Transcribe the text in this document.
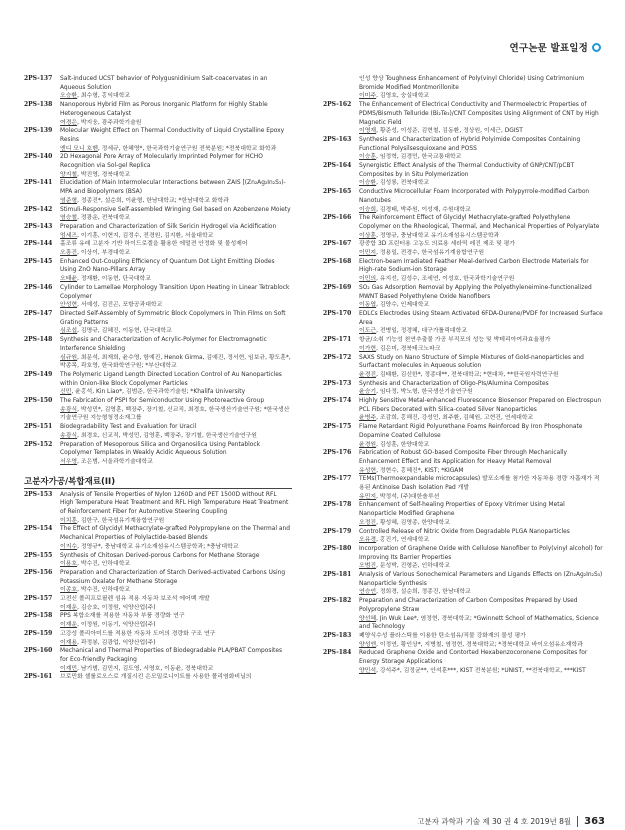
연구논문 발표일정
2PS-137	Salt-induced UCST behavior of Polygusnidinium Salt-coacervates in an Aqueous Solution
오승환, 최수형, 홍익대학교
2PS-138	Nanoporous Hybrid Film as Porous Inorganic Platform for Highly Stable Heterogeneous Catalyst
여경은, 박지웅, 광주과학기술원
2PS-139	Molecular Weight Effect on Thermal Conductivity of Liquid Crystalline Epoxy Resins
엔디 모니 호벤, 정세규, 한혜영*, 한국과학기술연구원 전북분원; *전북대학교 화학과
2PS-140	2D Hexagonal Pore Array of Molecularly Imprinted Polymer for HCHO Recognition via Sol-gel Replica
양지철, 박진영, 경북대학교
2PS-141	Elucidation of Main Intermolecular Interactions between ZAIS [(Zn₂Ag₂In₂S₃)-MPA and Biopolymers (BSA)
염준형, 정종진*, 설순희, 이윤형, 한남대학교; *한남대학교 화학과
2PS-142	Stimuli-Responsive Self-assembled Wringing Gel based on Azobenzene Moiety
염승철, 정광운, 전북대학교
2PS-143	Preparation and Characterization of Silk Sericin Hydrogel via Acidification
엄세즈, 이기훈, 이현지, 김정수, 전경원, 김지환, 서울대학교
2PS-144	홀조류 유래 고분자 기반 하이드로겔을 활용한 에멀젼 안정화 및 물성제어
오흥진, 이상이, 부경대학교
2PS-145	Enhanced Out-Coupling Efficiency of Quantum Dot Light Emitting Diodes Using ZnO Nano-Pillars Array
오태윤, 정재환, 이동현, 단국대학교
2PS-146	Cylinder to Lamellae Morphology Transition Upon Heating in Linear Tetrablock Copolymer
안성현, 서예성, 김진곤, 포항공과대학교
2PS-147	Directed Self-Assembly of Symmetric Block Copolymers in Thin Films on Soft Grating Patterns
심조섭, 김명규, 김혜진, 이동현, 단국대학교
2PS-148	Synthesis and Characterization of Acrylic-Polymer for Electromagnetic Interference Shielding
심규원, 최문석, 최재희, 윤수영, 함예진, Henok Girma, 김예진, 정서현, 임보규, 황도훈*, 박종목, 곽호영, 한국화학연구원; *부산대학교
2PS-149	The Polymeric Ligand Length Directed Location Control of Au Nanoparticles within Onion-like Block Copolymer Particles
신민, 윤홍석, Kin Liao*, 김범준, 한국과학기술원; *Khalifa University
2PS-150	The Fabrication of PSPI for Semiconductor Using Photoreactive Group
송광식, 박성민*, 김영훈, 백장주, 장기철, 신교직, 최경호, 한국생산기술연구원; *한국생산기술연구원 지능형청정소재그룹
2PS-151	Biodegradability Test and Evaluation for Uracil
송광식, 최경호, 신교직, 박성민, 김영훈, 백장주, 장기철, 한국생산기술연구원
2PS-152	Preparation of Mesoporous Silica and Organosilica Using Pentablock Copolymer Templates in Weakly Acidic Aqueous Solution
서우영, 조은범, 서울과학기술대학교
고분자가공/복합재료(II)
2PS-153	Analysis of Tensile Properties of Nylon 1260D and PET 1500D without RFL High Temperature Heat Treatment and RFL High Temperature Heat Treatment of Reinforcement Fiber for Automotive Steering Coupling
이치훈, 김한구, 한국섬유기계융합연구원
2PS-154	The Effect of Glycidyl Methacrylate-grafted Polypropylene on the Thermal and Mechanical Properties of Polylactide-based Blends
이지수, 정영규*, 충남대학교 유기소재섬유시스템공학과; *충남대학교
2PS-155	Synthesis of Chitosan Derived-porous Carbons for Methane Storage
이용호, 박수진, 인하대학교
2PS-156	Preparation and Characterization of Starch Derived-activated Carbons Using Potassium Oxalate for Methane Storage
이종호, 박수진, 인하대학교
2PS-157	고전신 폴리프로필렌 섬유 적용 자동차 보조석 에어백 개발
이재운, 김승호, 이정원, 익양산업(주)
2PS-158	PPS 복합소재를 적용한 자동차 부품 경량화 연구
이재운, 이정원, 이동기, 익양산업(주)
2PS-159	고강성 폴리아미드를 적용한 자동차 도어의 경량화 구조 연구
이재용, 곽정봉, 김광업, 익양산업(주)
2PS-160	Mechanical and Thermal Properties of Biodegradable PLA/PBAT Composites for Eco-friendly Packaging
이재민, 남기범, 김민지, 김도영, 서영호, 이동윤, 경북대학교
2PS-161	브로민화 셀룰로오스로 개질시킨 은모밀로니이트를 사용한 폴리염화비닐의
인성 향상 Toughness Enhancement of Poly(vinyl Chloride) Using Cetrimonium Bromide Modified Montmorillonite
이미주, 김영호, 숭실대학교
2PS-162	The Enhancement of Electrical Conductivity and Thermoelectric Properties of PDMS/Bismuth Telluride (Bi₂Te₃)/CNT Composites Using Alignment of CNT by High Magnetic Field
이영재, 황준성, 이성준, 김현철, 김동환, 정상원, 이세근, DGIST
2PS-163	Synthesis and Characterization of Hybrid Polyimide Composites Containing Functional Polysilsesquioxane and POSS
이승훈, 임정혁, 김경민, 한국교통대학교
2PS-164	Synergistic Effect Analysis of the Thermal Conductivity of GNP/CNT/pCBT Composites by in Situ Polymerization
이승환, 김성룡, 전북대학교
2PS-165	Conductive Microcellular Foam Incorporated with Polypyrrole-modified Carbon Nanotubes
이승희, 김경태, 박주원, 이성재, 수원대학교
2PS-166	The Reinforcement Effect of Glycidyl Methacrylate-grafted Polyethylene Copolymer on the Rheological, Thermal, and Mechanical Properties of Polyarylate
이상훈, 정영규, 충남대학교 유기소재섬유시스템공학과
2PS-167	광중합 3D 프린터용 고농도 의료용 세라믹 레진 제조 및 평가
이민지, 정용일, 전경수, 한국섬유기계융합연구원
2PS-168	Electron-beam Irradiated Feather Meal-derived Carbon Electrode Materials for High-rate Sodium-ion Storage
이민의, 유지선, 김성수, 조세연, 이성호, 한국과학기술연구원
2PS-169	SO₂ Gas Adsorption Removal by Applying the Polyethyleneimine-functionalized MWNT Based Polyethylene Oxide Nanofibers
이동엽, 김양수, 인제대학교
2PS-170	EDLCs Electrodes Using Steam Activated 6FDA-Durene/PVDF for Increased Surface Area
이도근, 전병일, 정경혜, 대구가톨릭대학교
2PS-171	항균/소취 기능성 천연추출물 가공 부직포의 성능 및 박테리아여과효율평가
이가현, 김은미, 경북테크노파크
2PS-172	SAXS Study on Nano Structure of Simple Mixtures of Gold-nanoparticles and Surfactant molecules in Aqueous solution
윤경진, 김태환, 김신한*, 정종대**, 전북대학교; *현대차, **한국원자력연구원
2PS-173	Synthesis and Characterization of Oligo-PIs/Alumina Composites
윤승기, 임다정, 박노형, 한국생산기술연구원
2PS-174	Highly Sensitive Metal-enhanced Fluorescence Biosensor Prepared on Electrospun PCL Fibers Decorated with Silica-coated Silver Nanoparticles
윤병주, 조감희, 홍해진, 강성민, 최주환, 김혜원, 고현건, 연세대학교
2PS-175	Flame Retardant Rigid Polyurethane Foams Reinforced By Iron Phosphonate Dopamine Coated Cellulose
윤경원, 김성훈, 한양대학교
2PS-176	Fabrication of Robust GO-based Composite Fiber through Mechanically Enhancement Effect and its Application for Heavy Metal Removal
유성현, 정현수, 홍혜진*, KIST; *KIGAM
2PS-177	TEMs(Thermoexpandable microcapsules) 발포소재를 첨가한 자동차용 경량 자흡재가 적용된 Antinoise Dash Isolation Pad 개발
유민지, 박정석, (주)대한솔루션
2PS-178	Enhancement of Self-healing Properties of Epoxy Vitrimer Using Metal Nanoparticle Modified Graphene
오정진, 황성혜, 김영종, 한양대학교
2PS-179	Controlled Release of Nitric Oxide from Degradable PLGA Nanoparticles
오유경, 홍진기, 연세대학교
2PS-180	Incorporation of Graphene Oxide with Cellulose Nanofiber to Poly(vinyl alcohol) for Improving Its Barrier Properties
오범진, 문성박, 진형준, 인하대학교
2PS-181	Analysis of Various Sonochemical Parameters and Ligands Effects on (Zn₂Ag₂In₂S₃) Nanoparticle Synthesis
연승언, 정희경, 설순희, 정종진, 한남대학교
2PS-182	Preparation and Characterization of Carbon Composites Prepared by Used Polypropylene Straw
양선혜, Jin Wuk Lee*, 염정현, 경북대학교; *Gwinnett School of Mathematics, Science and Technology
2PS-183	폐양식수성 플라스틱를 이용한 탄소섬유/직물 강화재의 물성 평가
양성엔, 이정연, 황인상*, 지병철, 염정현, 경북대학교; *경북대학교 바이오섬유소재학과
2PS-184	Reduced Graphene Oxide and Contorted Hexabenzocoronene Composites for Energy Storage Applications
양민석, 강석주*, 김정균**, 안석훈***, KIST 전북분원; *UNIST, **전북대학교, ***KIST
고분자 과학과 기술 제 30 권 4 호 2019년 8월	363
